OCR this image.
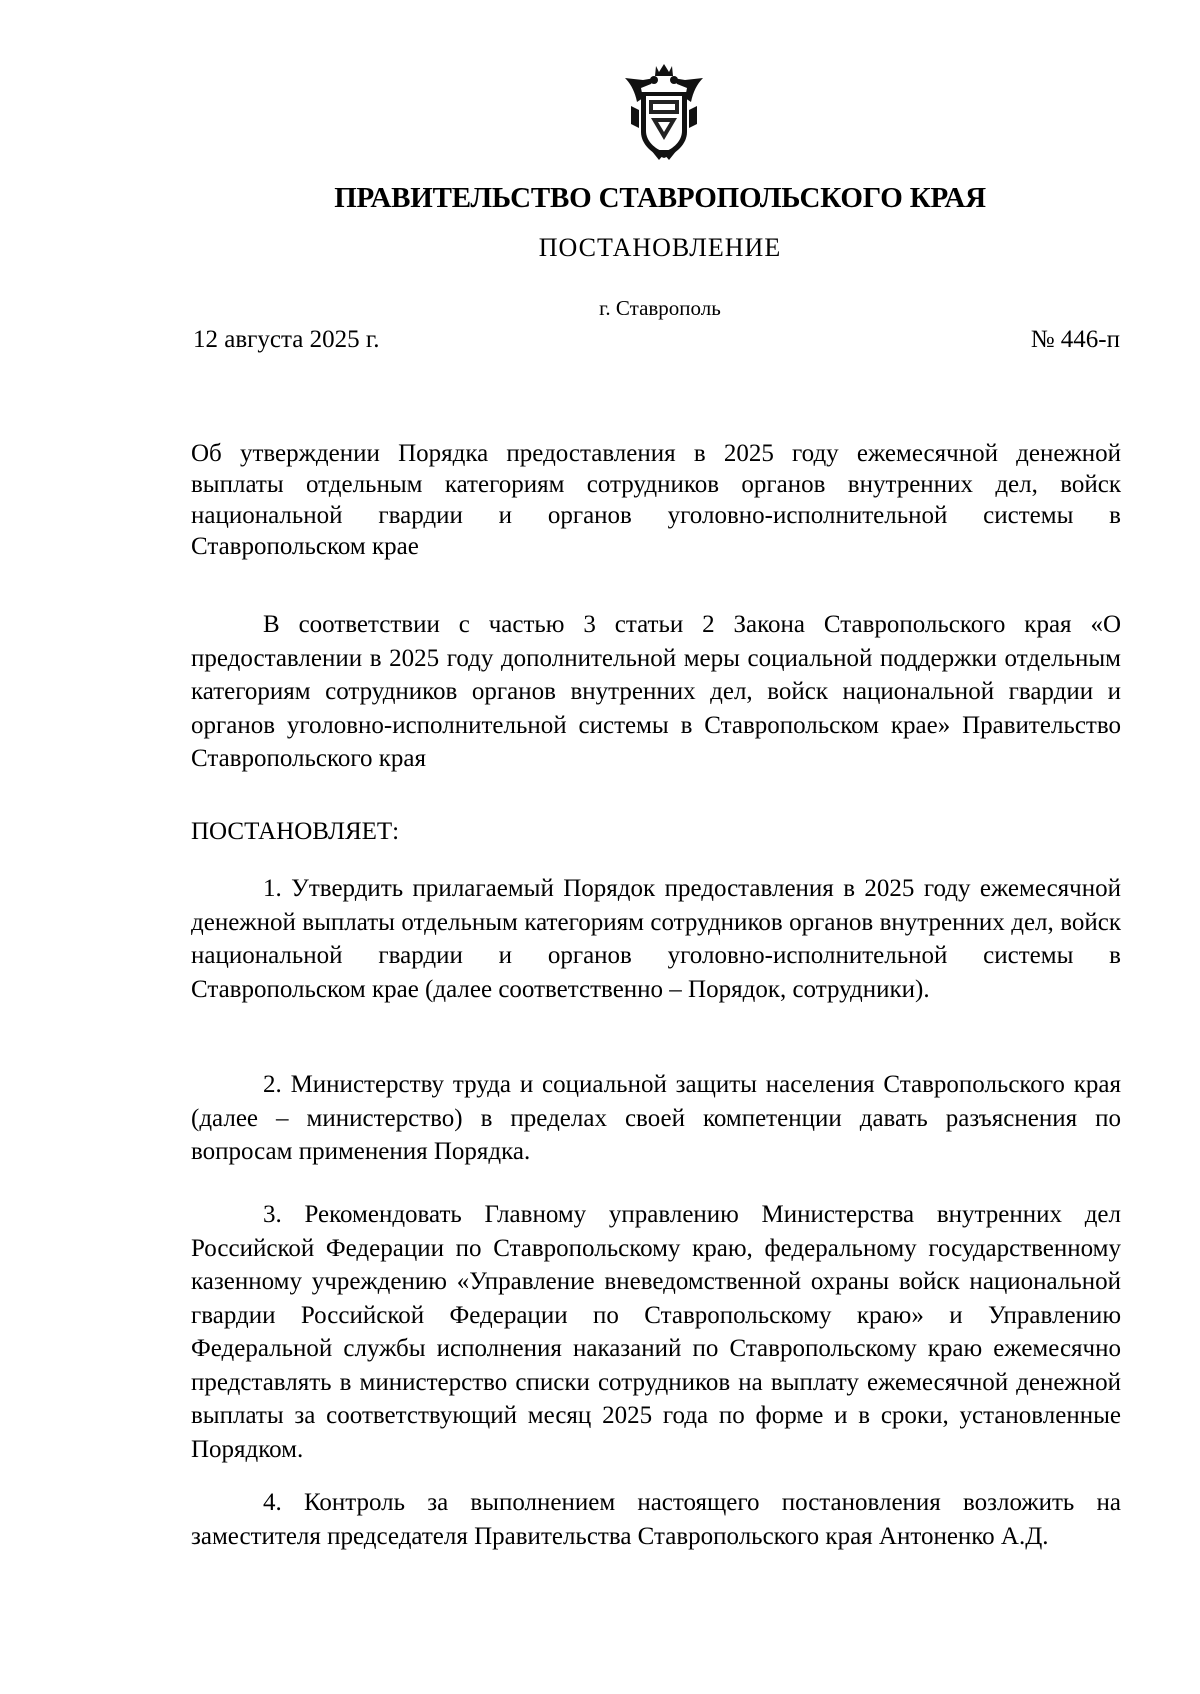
ПРАВИТЕЛЬСТВО СТАВРОПОЛЬСКОГО КРАЯ
ПОСТАНОВЛЕНИЕ
г. Ставрополь
12 августа 2025 г.	№ 446-п
Об утверждении Порядка предоставления в 2025 году ежемесячной денежной выплаты отдельным категориям сотрудников органов внутренних дел, войск национальной гвардии и органов уголовно-исполнительной системы в Ставропольском крае

В соответствии с частью 3 статьи 2 Закона Ставропольского края «О предоставлении в 2025 году дополнительной меры социальной поддержки отдельным категориям сотрудников органов внутренних дел, войск национальной гвардии и органов уголовно-исполнительной системы в Ставропольском крае» Правительство Ставропольского края

ПОСТАНОВЛЯЕТ:

1. Утвердить прилагаемый Порядок предоставления в 2025 году ежемесячной денежной выплаты отдельным категориям сотрудников органов внутренних дел, войск национальной гвардии и органов уголовно-исполнительной системы в Ставропольском крае (далее соответственно – Порядок, сотрудники).

2. Министерству труда и социальной защиты населения Ставропольского края (далее – министерство) в пределах своей компетенции давать разъяснения по вопросам применения Порядка.

3. Рекомендовать Главному управлению Министерства внутренних дел Российской Федерации по Ставропольскому краю, федеральному государственному казенному учреждению «Управление вневедомственной охраны войск национальной гвардии Российской Федерации по Ставропольскому краю» и Управлению Федеральной службы исполнения наказаний по Ставропольскому краю ежемесячно представлять в министерство списки сотрудников на выплату ежемесячной денежной выплаты за соответствующий месяц 2025 года по форме и в сроки, установленные Порядком.

4. Контроль за выполнением настоящего постановления возложить на заместителя председателя Правительства Ставропольского края Антоненко А.Д.
